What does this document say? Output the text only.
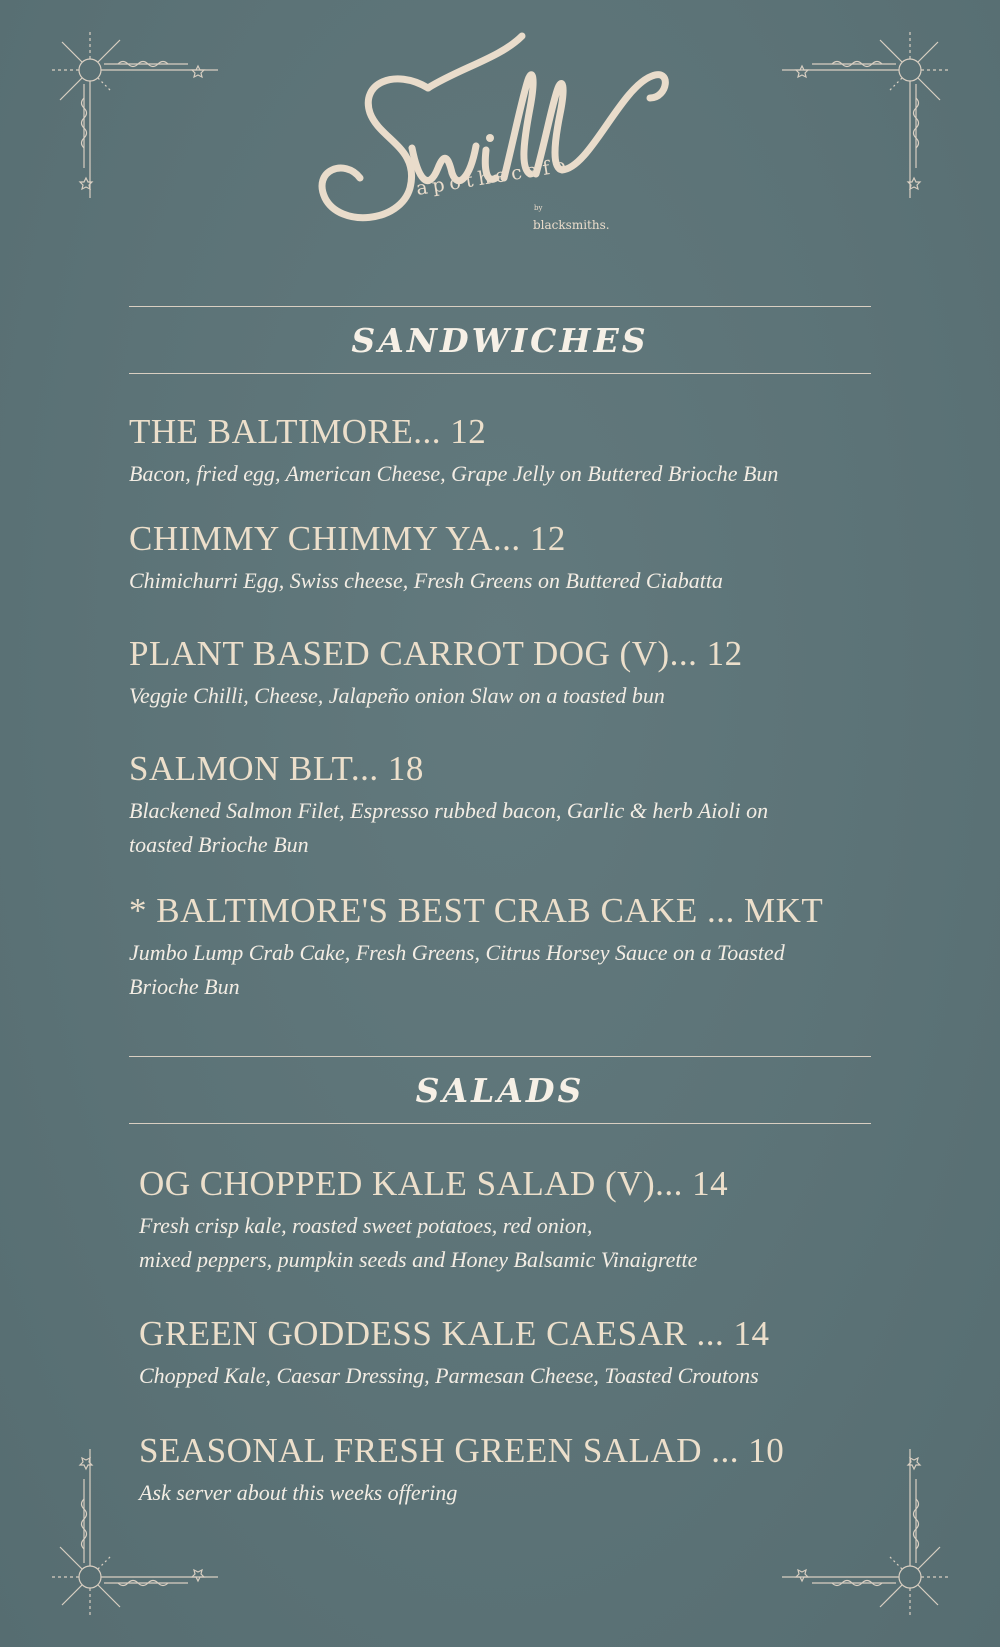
apothecafe
by
blacksmiths.
SANDWICHES

THE BALTIMORE... 12

Bacon, fried egg, American Cheese, Grape Jelly on Buttered Brioche Bun

CHIMMY CHIMMY YA... 12

Chimichurri Egg, Swiss cheese, Fresh Greens on Buttered Ciabatta

PLANT BASED CARROT DOG (V)... 12

Veggie Chilli, Cheese, Jalapeño onion Slaw on a toasted bun

SALMON BLT... 18

Blackened Salmon Filet, Espresso rubbed bacon, Garlic & herb Aioli on

toasted Brioche Bun

* BALTIMORE'S BEST CRAB CAKE ... MKT

Jumbo Lump Crab Cake, Fresh Greens, Citrus Horsey Sauce on a Toasted

Brioche Bun

SALADS

OG CHOPPED KALE SALAD (V)... 14

Fresh crisp kale, roasted sweet potatoes, red onion,

mixed peppers, pumpkin seeds and Honey Balsamic Vinaigrette

GREEN GODDESS KALE CAESAR ... 14

Chopped Kale, Caesar Dressing, Parmesan Cheese, Toasted Croutons

SEASONAL FRESH GREEN SALAD ... 10

Ask server about this weeks offering
